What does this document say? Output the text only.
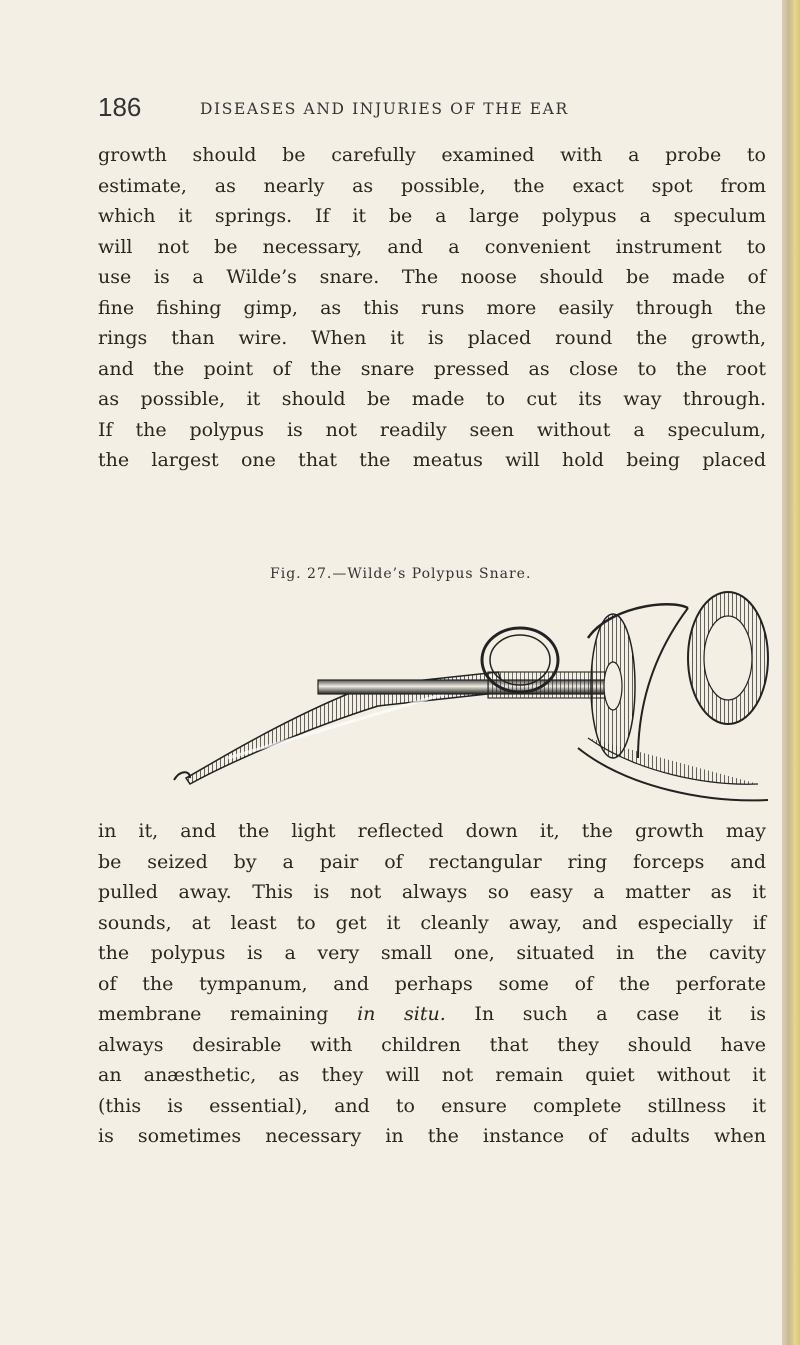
186	DISEASES AND INJURIES OF THE EAR
growth should be carefully examined with a probe to
estimate, as nearly as possible, the exact spot from
which it springs. If it be a large polypus a speculum
will not be necessary, and a convenient instrument to
use is a Wilde’s snare. The noose should be made of
fine fishing gimp, as this runs more easily through the
rings than wire. When it is placed round the growth,
and the point of the snare pressed as close to the root
as possible, it should be made to cut its way through.
If the polypus is not readily seen without a speculum,
the largest one that the meatus will hold being placed
Fig. 27.—Wilde’s Polypus Snare.
in it, and the light reflected down it, the growth may
be seized by a pair of rectangular ring forceps and
pulled away. This is not always so easy a matter as it
sounds, at least to get it cleanly away, and especially if
the polypus is a very small one, situated in the cavity
of the tympanum, and perhaps some of the perforate
membrane remaining in situ. In such a case it is
always desirable with children that they should have
an anæsthetic, as they will not remain quiet without it
(this is essential), and to ensure complete stillness it
is sometimes necessary in the instance of adults when
